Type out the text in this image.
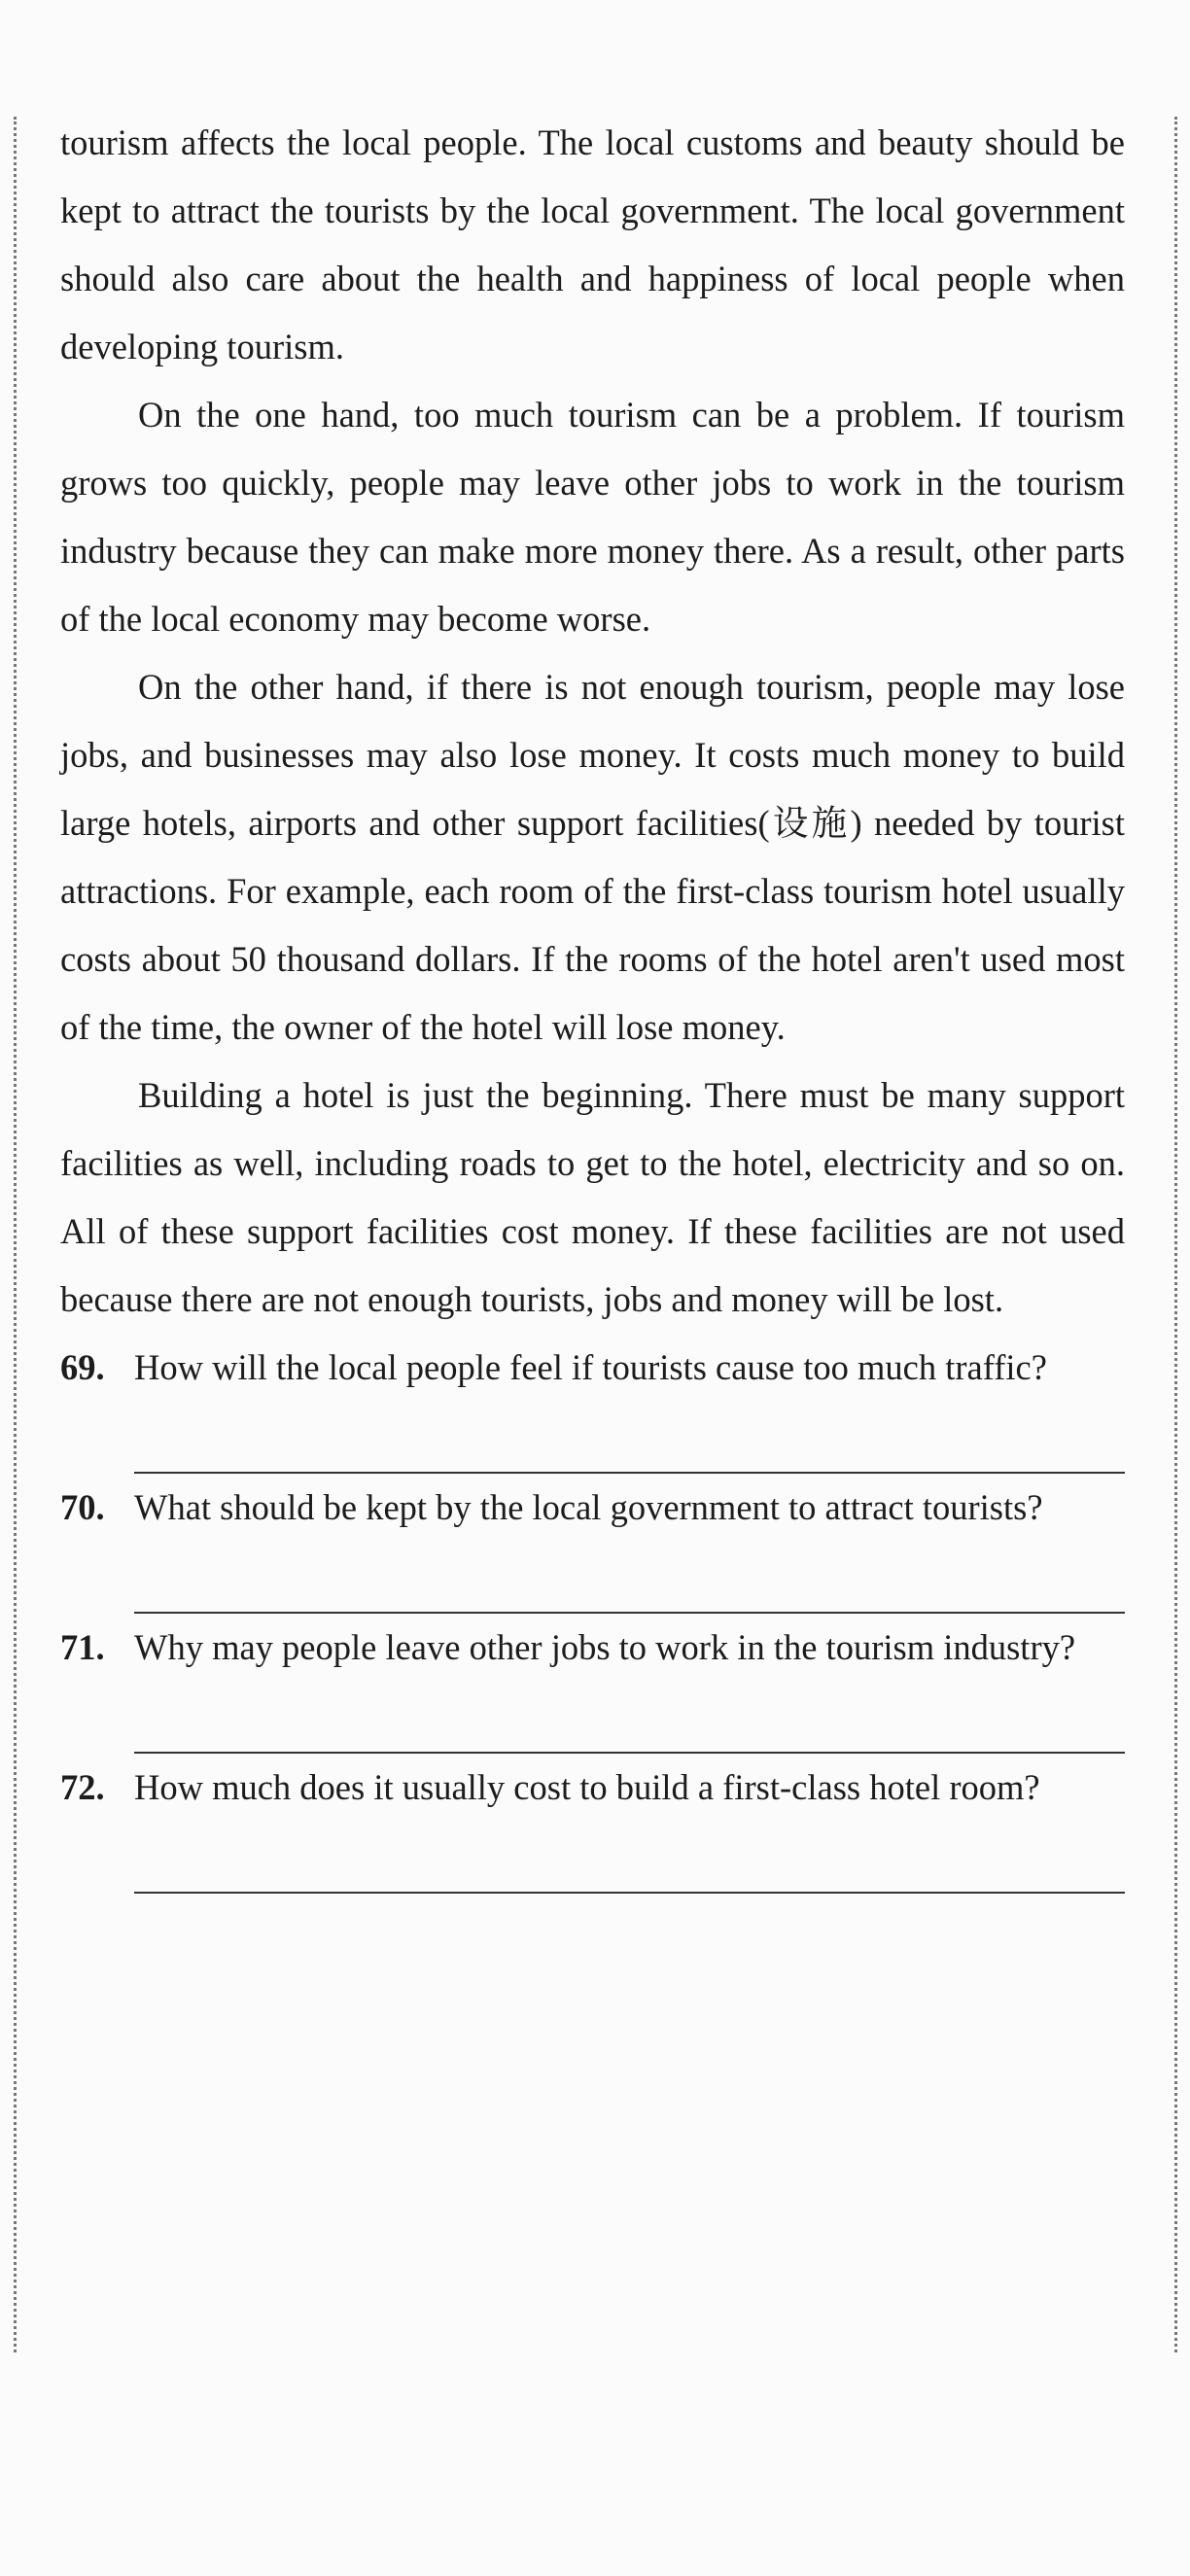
tourism affects the local people. The local customs and beauty should be kept to attract the tourists by the local government. The local government should also care about the health and happiness of local people when developing tourism.

On the one hand, too much tourism can be a problem. If tourism grows too quickly, people may leave other jobs to work in the tourism industry because they can make more money there. As a result, other parts of the local economy may become worse.

On the other hand, if there is not enough tourism, people may lose jobs, and businesses may also lose money. It costs much money to build large hotels, airports and other support facilities(设施) needed by tourist attractions. For example, each room of the first-class tourism hotel usually costs about 50 thousand dollars. If the rooms of the hotel aren't used most of the time, the owner of the hotel will lose money.

Building a hotel is just the beginning. There must be many support facilities as well, including roads to get to the hotel, electricity and so on. All of these support facilities cost money. If these facilities are not used because there are not enough tourists, jobs and money will be lost.

69. How will the local people feel if tourists cause too much traffic?

70. What should be kept by the local government to attract tourists?

71. Why may people leave other jobs to work in the tourism industry?

72. How much does it usually cost to build a first-class hotel room?
